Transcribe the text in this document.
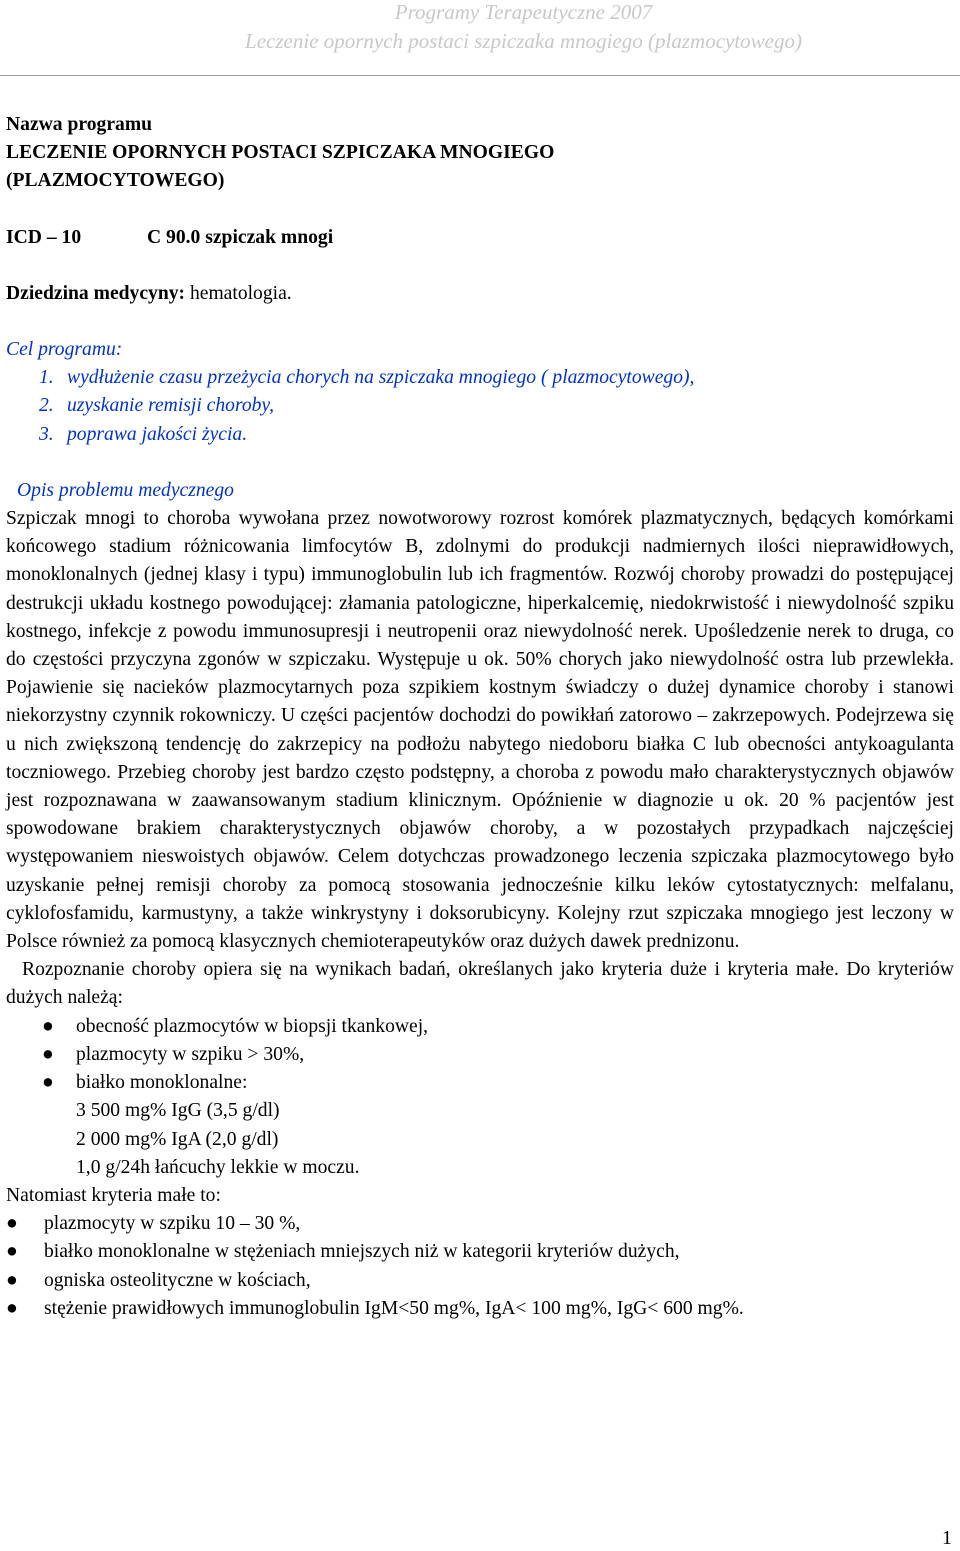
Programy Terapeutyczne 2007
Leczenie opornych postaci szpiczaka mnogiego (plazmocytowego)
Nazwa programu
LECZENIE OPORNYCH POSTACI SZPICZAKA MNOGIEGO
(PLAZMOCYTOWEGO)
ICD – 10	C 90.0 szpiczak mnogi
Dziedzina medycyny: hematologia.
Cel programu:
1. wydłużenie czasu przeżycia chorych na szpiczaka mnogiego ( plazmocytowego),
2. uzyskanie remisji choroby,
3. poprawa jakości życia.
Opis problemu medycznego

Szpiczak mnogi to choroba wywołana przez nowotworowy rozrost komórek plazmatycznych, będących komórkami końcowego stadium różnicowania limfocytów B, zdolnymi do produkcji nadmiernych ilości nieprawidłowych, monoklonalnych (jednej klasy i typu) immunoglobulin lub ich fragmentów. Rozwój choroby prowadzi do postępującej destrukcji układu kostnego powodującej: złamania patologiczne, hiperkalcemię, niedokrwistość i niewydolność szpiku kostnego, infekcje z powodu immunosupresji i neutropenii oraz niewydolność nerek. Upośledzenie nerek to druga, co do częstości przyczyna zgonów w szpiczaku. Występuje u ok. 50% chorych jako niewydolność ostra lub przewlekła. Pojawienie się nacieków plazmocytarnych poza szpikiem kostnym świadczy o dużej dynamice choroby i stanowi niekorzystny czynnik rokowniczy. U części pacjentów dochodzi do powikłań zatorowo – zakrzepowych. Podejrzewa się u nich zwiększoną tendencję do zakrzepicy na podłożu nabytego niedoboru białka C lub obecności antykoagulanta toczniowego. Przebieg choroby jest bardzo często podstępny, a choroba z powodu mało charakterystycznych objawów jest rozpoznawana w zaawansowanym stadium klinicznym. Opóźnienie w diagnozie u ok. 20 % pacjentów jest spowodowane brakiem charakterystycznych objawów choroby, a w pozostałych przypadkach najczęściej występowaniem nieswoistych objawów. Celem dotychczas prowadzonego leczenia szpiczaka plazmocytowego było uzyskanie pełnej remisji choroby za pomocą stosowania jednocześnie kilku leków cytostatycznych: melfalanu, cyklofosfamidu, karmustyny, a także winkrystyny i doksorubicyny. Kolejny rzut szpiczaka mnogiego jest leczony w Polsce również za pomocą klasycznych chemioterapeutyków oraz dużych dawek prednizonu.

Rozpoznanie choroby opiera się na wynikach badań, określanych jako kryteria duże i kryteria małe. Do kryteriów dużych należą:

● obecność plazmocytów w biopsji tkankowej,
● plazmocyty w szpiku > 30%,
● białko monoklonalne:
3 500 mg% IgG (3,5 g/dl)
2 000 mg% IgA (2,0 g/dl)
1,0 g/24h łańcuchy lekkie w moczu.
Natomiast kryteria małe to:
● plazmocyty w szpiku 10 – 30 %,
● białko monoklonalne w stężeniach mniejszych niż w kategorii kryteriów dużych,
● ogniska osteolityczne w kościach,
● stężenie prawidłowych immunoglobulin IgM<50 mg%, IgA< 100 mg%, IgG< 600 mg%.
1
